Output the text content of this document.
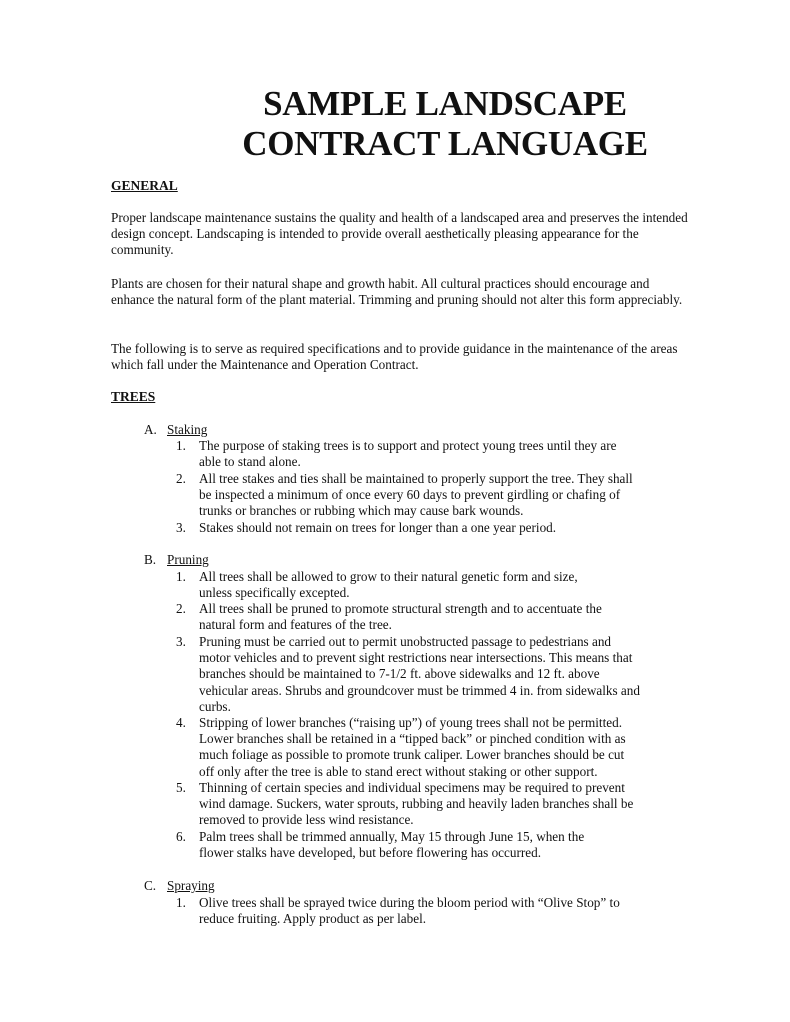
SAMPLE LANDSCAPE
CONTRACT LANGUAGE
GENERAL

Proper landscape maintenance sustains the quality and health of a landscaped area and preserves the intended design concept. Landscaping is intended to provide overall aesthetically pleasing appearance for the community.

Plants are chosen for their natural shape and growth habit. All cultural practices should encourage and enhance the natural form of the plant material. Trimming and pruning should not alter this form appreciably.

The following is to serve as required specifications and to provide guidance in the maintenance of the areas which fall under the Maintenance and Operation Contract.

TREES
A. Staking
1. The purpose of staking trees is to support and protect young trees until they are
able to stand alone.
2. All tree stakes and ties shall be maintained to properly support the tree. They shall
be inspected a minimum of once every 60 days to prevent girdling or chafing of
trunks or branches or rubbing which may cause bark wounds.
3. Stakes should not remain on trees for longer than a one year period.
B. Pruning
1. All trees shall be allowed to grow to their natural genetic form and size,
unless specifically excepted.
2. All trees shall be pruned to promote structural strength and to accentuate the
natural form and features of the tree.
3. Pruning must be carried out to permit unobstructed passage to pedestrians and
motor vehicles and to prevent sight restrictions near intersections. This means that
branches should be maintained to 7-1/2 ft. above sidewalks and 12 ft. above
vehicular areas. Shrubs and groundcover must be trimmed 4 in. from sidewalks and
curbs.
4. Stripping of lower branches (“raising up”) of young trees shall not be permitted.
Lower branches shall be retained in a “tipped back” or pinched condition with as
much foliage as possible to promote trunk caliper. Lower branches should be cut
off only after the tree is able to stand erect without staking or other support.
5. Thinning of certain species and individual specimens may be required to prevent
wind damage. Suckers, water sprouts, rubbing and heavily laden branches shall be
removed to provide less wind resistance.
6. Palm trees shall be trimmed annually, May 15 through June 15, when the
flower stalks have developed, but before flowering has occurred.
C. Spraying
1. Olive trees shall be sprayed twice during the bloom period with “Olive Stop” to
reduce fruiting. Apply product as per label.
